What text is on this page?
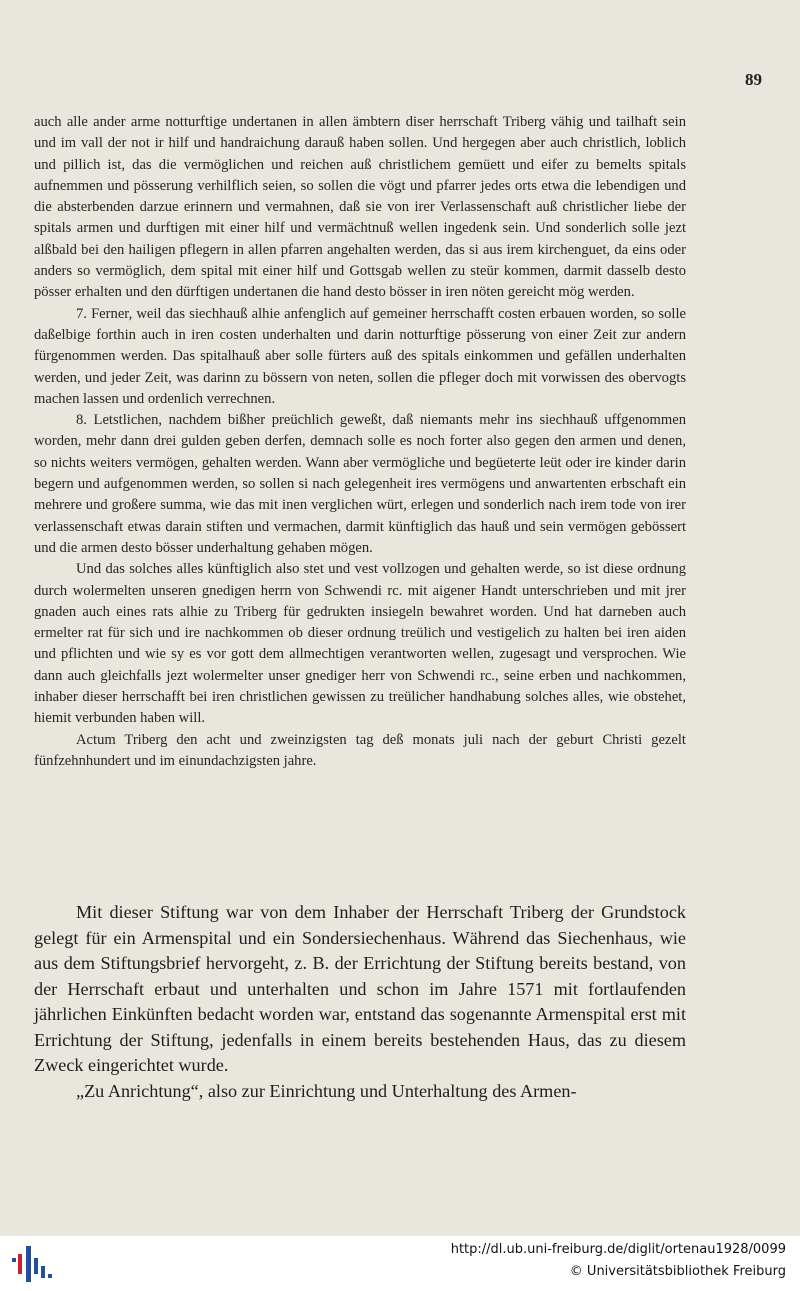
89

auch alle ander arme notturftige undertanen in allen ämbtern diser herrschaft Triberg vähig und tailhaft sein und im vall der not ir hilf und handraichung darauß haben sollen. Und hergegen aber auch christlich, loblich und pillich ist, das die vermöglichen und reichen auß christlichem gemüett und eifer zu bemelts spitals aufnemmen und pösserung verhilflich seien, so sollen die vögt und pfarrer jedes orts etwa die lebendigen und die absterbenden darzue erinnern und vermahnen, daß sie von irer Verlassenschaft auß christlicher liebe der spitals armen und durftigen mit einer hilf und vermächtnuß wellen ingedenk sein. Und sonderlich solle jezt alßbald bei den hailigen pflegern in allen pfarren angehalten werden, das si aus irem kirchenguet, da eins oder anders so vermöglich, dem spital mit einer hilf und Gottsgab wellen zu steür kommen, darmit dasselb desto pösser erhalten und den dürftigen undertanen die hand desto bösser in iren nöten gereicht mög werden.

7. Ferner, weil das siechhauß alhie anfenglich auf gemeiner herrschafft costen erbauen worden, so solle daßelbige forthin auch in iren costen underhalten und darin notturftige pösserung von einer Zeit zur andern fürgenommen werden. Das spitalhauß aber solle fürters auß des spitals einkommen und gefällen underhalten werden, und jeder Zeit, was darinn zu bössern von neten, sollen die pfleger doch mit vorwissen des obervogts machen lassen und ordenlich verrechnen.

8. Letstlichen, nachdem bißher preüchlich geweßt, daß niemants mehr ins siechhauß uffgenommen worden, mehr dann drei gulden geben derfen, demnach solle es noch forter also gegen den armen und denen, so nichts weiters vermögen, gehalten werden. Wann aber vermögliche und begüeterte leüt oder ire kinder darin begern und aufgenommen werden, so sollen si nach gelegenheit ires vermögens und anwartenten erbschaft ein mehrere und großere summa, wie das mit inen verglichen würt, erlegen und sonderlich nach irem tode von irer verlassenschaft etwas darain stiften und vermachen, darmit künftiglich das hauß und sein vermögen gebössert und die armen desto bösser underhaltung gehaben mögen.

Und das solches alles künftiglich also stet und vest vollzogen und gehalten werde, so ist diese ordnung durch wolermelten unseren gnedigen herrn von Schwendi rc. mit aigener Handt unterschrieben und mit jrer gnaden auch eines rats alhie zu Triberg für gedrukten insiegeln bewahret worden. Und hat darneben auch ermelter rat für sich und ire nachkommen ob dieser ordnung treülich und vestigelich zu halten bei iren aiden und pflichten und wie sy es vor gott dem allmechtigen verantworten wellen, zugesagt und versprochen. Wie dann auch gleichfalls jezt wolermelter unser gnediger herr von Schwendi rc., seine erben und nachkommen, inhaber dieser herrschafft bei iren christlichen gewissen zu treülicher handhabung solches alles, wie obstehet, hiemit verbunden haben will.

Actum Triberg den acht und zweinzigsten tag deß monats juli nach der geburt Christi gezelt fünfzehnhundert und im einundachzigsten jahre.

Mit dieser Stiftung war von dem Inhaber der Herrschaft Triberg der Grundstock gelegt für ein Armenspital und ein Sondersiechenhaus. Während das Siechenhaus, wie aus dem Stiftungsbrief hervorgeht, z. B. der Errichtung der Stiftung bereits bestand, von der Herrschaft erbaut und unterhalten und schon im Jahre 1571 mit fortlaufenden jährlichen Einkünften bedacht worden war, entstand das sogenannte Armenspital erst mit Errichtung der Stiftung, jedenfalls in einem bereits bestehenden Haus, das zu diesem Zweck eingerichtet wurde.

„Zu Anrichtung“, also zur Einrichtung und Unterhaltung des Armen-

http://dl.ub.uni-freiburg.de/diglit/ortenau1928/0099
© Universitätsbibliothek Freiburg
